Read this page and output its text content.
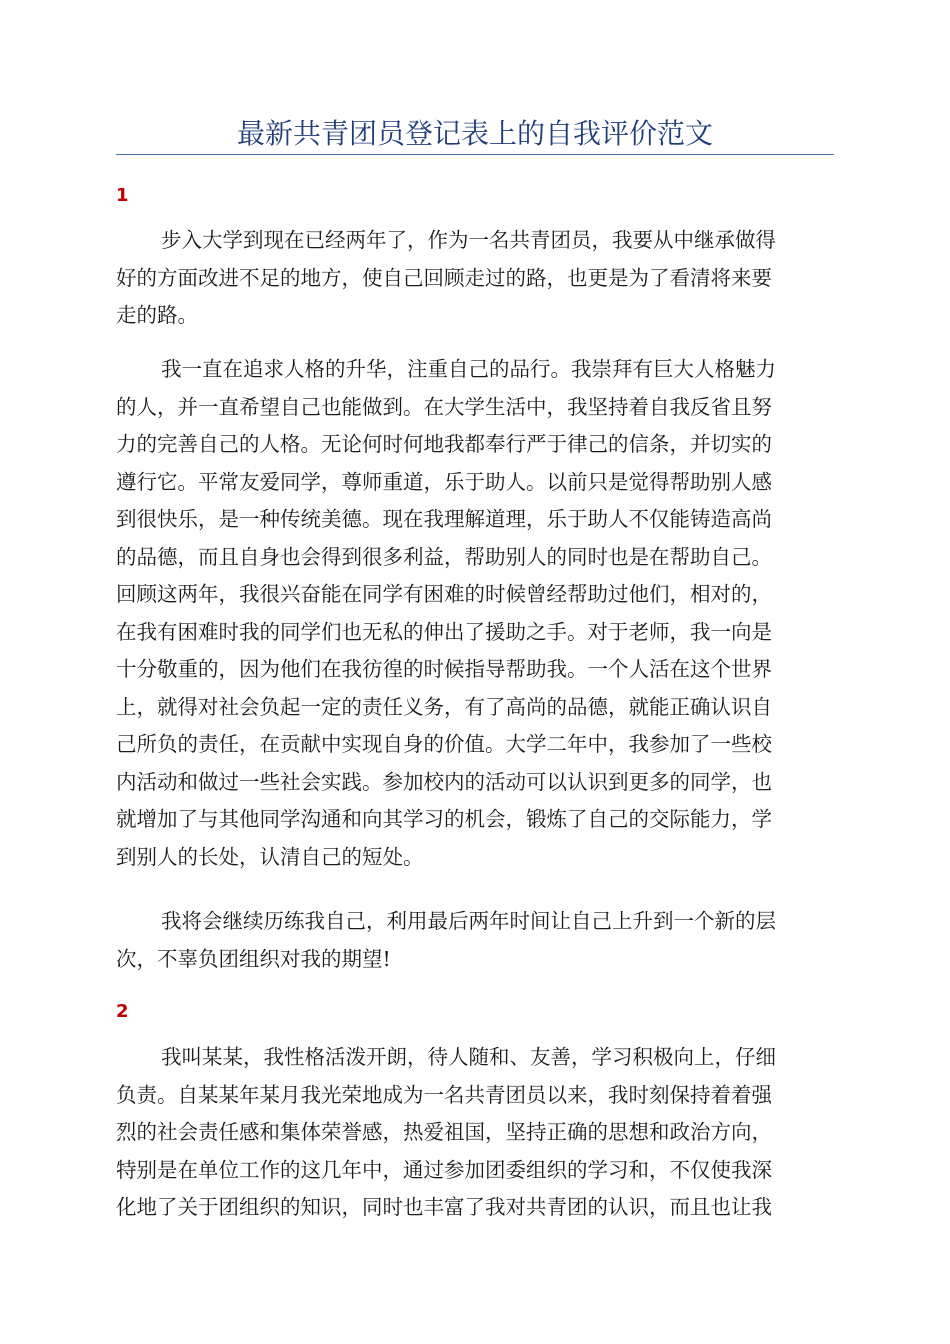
最新共青团员登记表上的自我评价范文
1
步入大学到现在已经两年了，作为一名共青团员，我要从中继承做得
好的方面改进不足的地方，使自己回顾走过的路，也更是为了看清将来要
走的路。
我一直在追求人格的升华，注重自己的品行。我崇拜有巨大人格魅力
的人，并一直希望自己也能做到。在大学生活中，我坚持着自我反省且努
力的完善自己的人格。无论何时何地我都奉行严于律己的信条，并切实的
遵行它。平常友爱同学，尊师重道，乐于助人。以前只是觉得帮助别人感
到很快乐，是一种传统美德。现在我理解道理，乐于助人不仅能铸造高尚
的品德，而且自身也会得到很多利益，帮助别人的同时也是在帮助自己。
回顾这两年，我很兴奋能在同学有困难的时候曾经帮助过他们，相对的，
在我有困难时我的同学们也无私的伸出了援助之手。对于老师，我一向是
十分敬重的，因为他们在我彷徨的时候指导帮助我。一个人活在这个世界
上，就得对社会负起一定的责任义务，有了高尚的品德，就能正确认识自
己所负的责任，在贡献中实现自身的价值。大学二年中，我参加了一些校
内活动和做过一些社会实践。参加校内的活动可以认识到更多的同学，也
就增加了与其他同学沟通和向其学习的机会，锻炼了自己的交际能力，学
到别人的长处，认清自己的短处。
我将会继续历练我自己，利用最后两年时间让自己上升到一个新的层
次，不辜负团组织对我的期望!
2
我叫某某，我性格活泼开朗，待人随和、友善，学习积极向上，仔细
负责。自某某年某月我光荣地成为一名共青团员以来，我时刻保持着着强
烈的社会责任感和集体荣誉感，热爱祖国，坚持正确的思想和政治方向，
特别是在单位工作的这几年中，通过参加团委组织的学习和，不仅使我深
化地了关于团组织的知识，同时也丰富了我对共青团的认识，而且也让我
